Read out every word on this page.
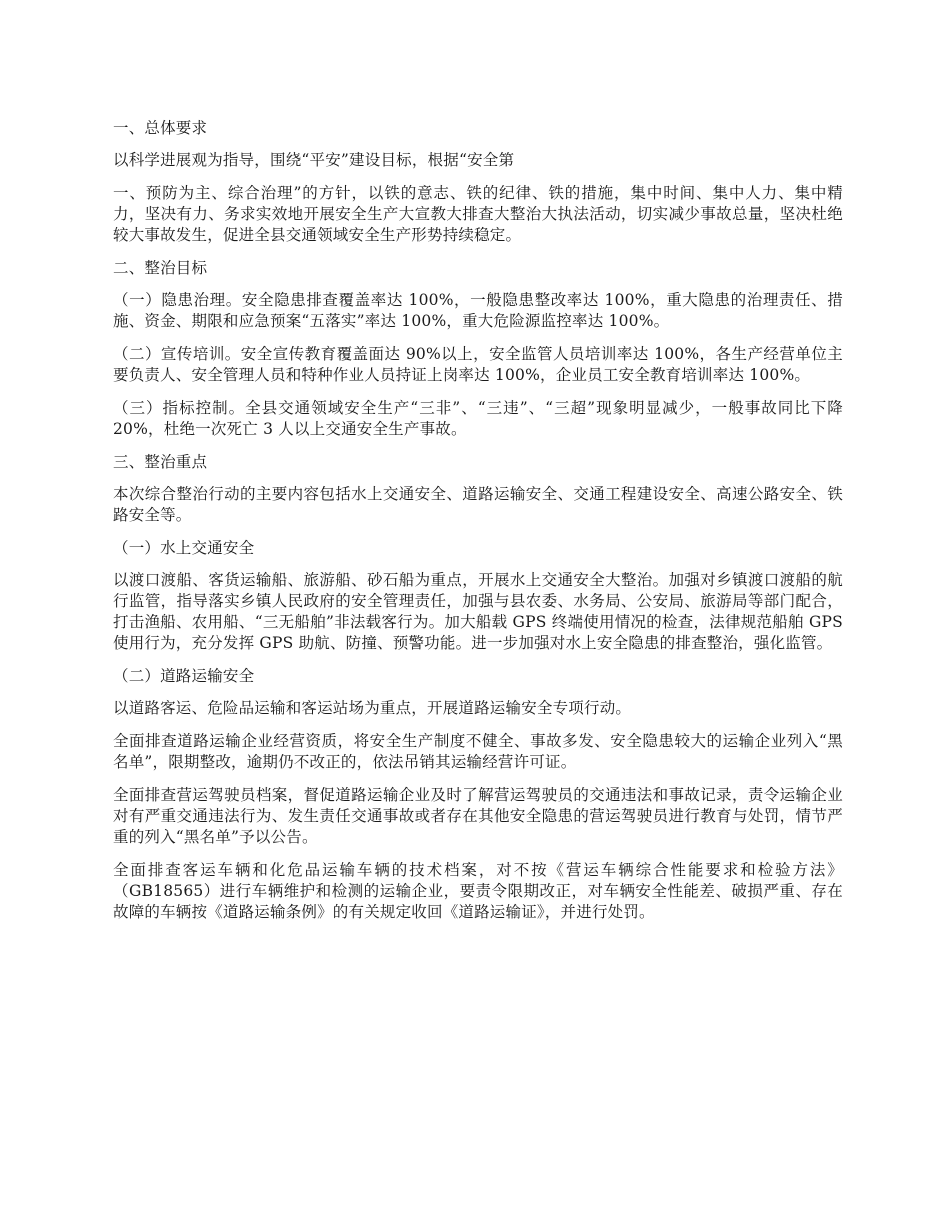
一、总体要求

以科学进展观为指导，围绕“平安”建设目标，根据“安全第

一、预防为主、综合治理”的方针，以铁的意志、铁的纪律、铁的措施，集中时间、集中人力、集中精力，坚决有力、务求实效地开展安全生产大宣教大排查大整治大执法活动，切实减少事故总量，坚决杜绝较大事故发生，促进全县交通领域安全生产形势持续稳定。

二、整治目标

（一）隐患治理。安全隐患排查覆盖率达 100%，一般隐患整改率达 100%，重大隐患的治理责任、措施、资金、期限和应急预案“五落实”率达 100%，重大危险源监控率达 100%。

（二）宣传培训。安全宣传教育覆盖面达 90%以上，安全监管人员培训率达 100%，各生产经营单位主要负责人、安全管理人员和特种作业人员持证上岗率达 100%，企业员工安全教育培训率达 100%。

（三）指标控制。全县交通领域安全生产“三非”、“三违”、“三超”现象明显减少，一般事故同比下降 20%，杜绝一次死亡 3 人以上交通安全生产事故。

三、整治重点

本次综合整治行动的主要内容包括水上交通安全、道路运输安全、交通工程建设安全、高速公路安全、铁路安全等。

（一）水上交通安全

以渡口渡船、客货运输船、旅游船、砂石船为重点，开展水上交通安全大整治。加强对乡镇渡口渡船的航行监管，指导落实乡镇人民政府的安全管理责任，加强与县农委、水务局、公安局、旅游局等部门配合，打击渔船、农用船、“三无船舶”非法载客行为。加大船载 GPS 终端使用情况的检查，法律规范船舶 GPS 使用行为，充分发挥 GPS 助航、防撞、预警功能。进一步加强对水上安全隐患的排查整治，强化监管。

（二）道路运输安全

以道路客运、危险品运输和客运站场为重点，开展道路运输安全专项行动。

全面排查道路运输企业经营资质，将安全生产制度不健全、事故多发、安全隐患较大的运输企业列入“黑名单”，限期整改，逾期仍不改正的，依法吊销其运输经营许可证。

全面排查营运驾驶员档案，督促道路运输企业及时了解营运驾驶员的交通违法和事故记录，责令运输企业对有严重交通违法行为、发生责任交通事故或者存在其他安全隐患的营运驾驶员进行教育与处罚，情节严重的列入“黑名单”予以公告。

全面排查客运车辆和化危品运输车辆的技术档案，对不按《营运车辆综合性能要求和检验方法》（GB18565）进行车辆维护和检测的运输企业，要责令限期改正，对车辆安全性能差、破损严重、存在故障的车辆按《道路运输条例》的有关规定收回《道路运输证》，并进行处罚。
